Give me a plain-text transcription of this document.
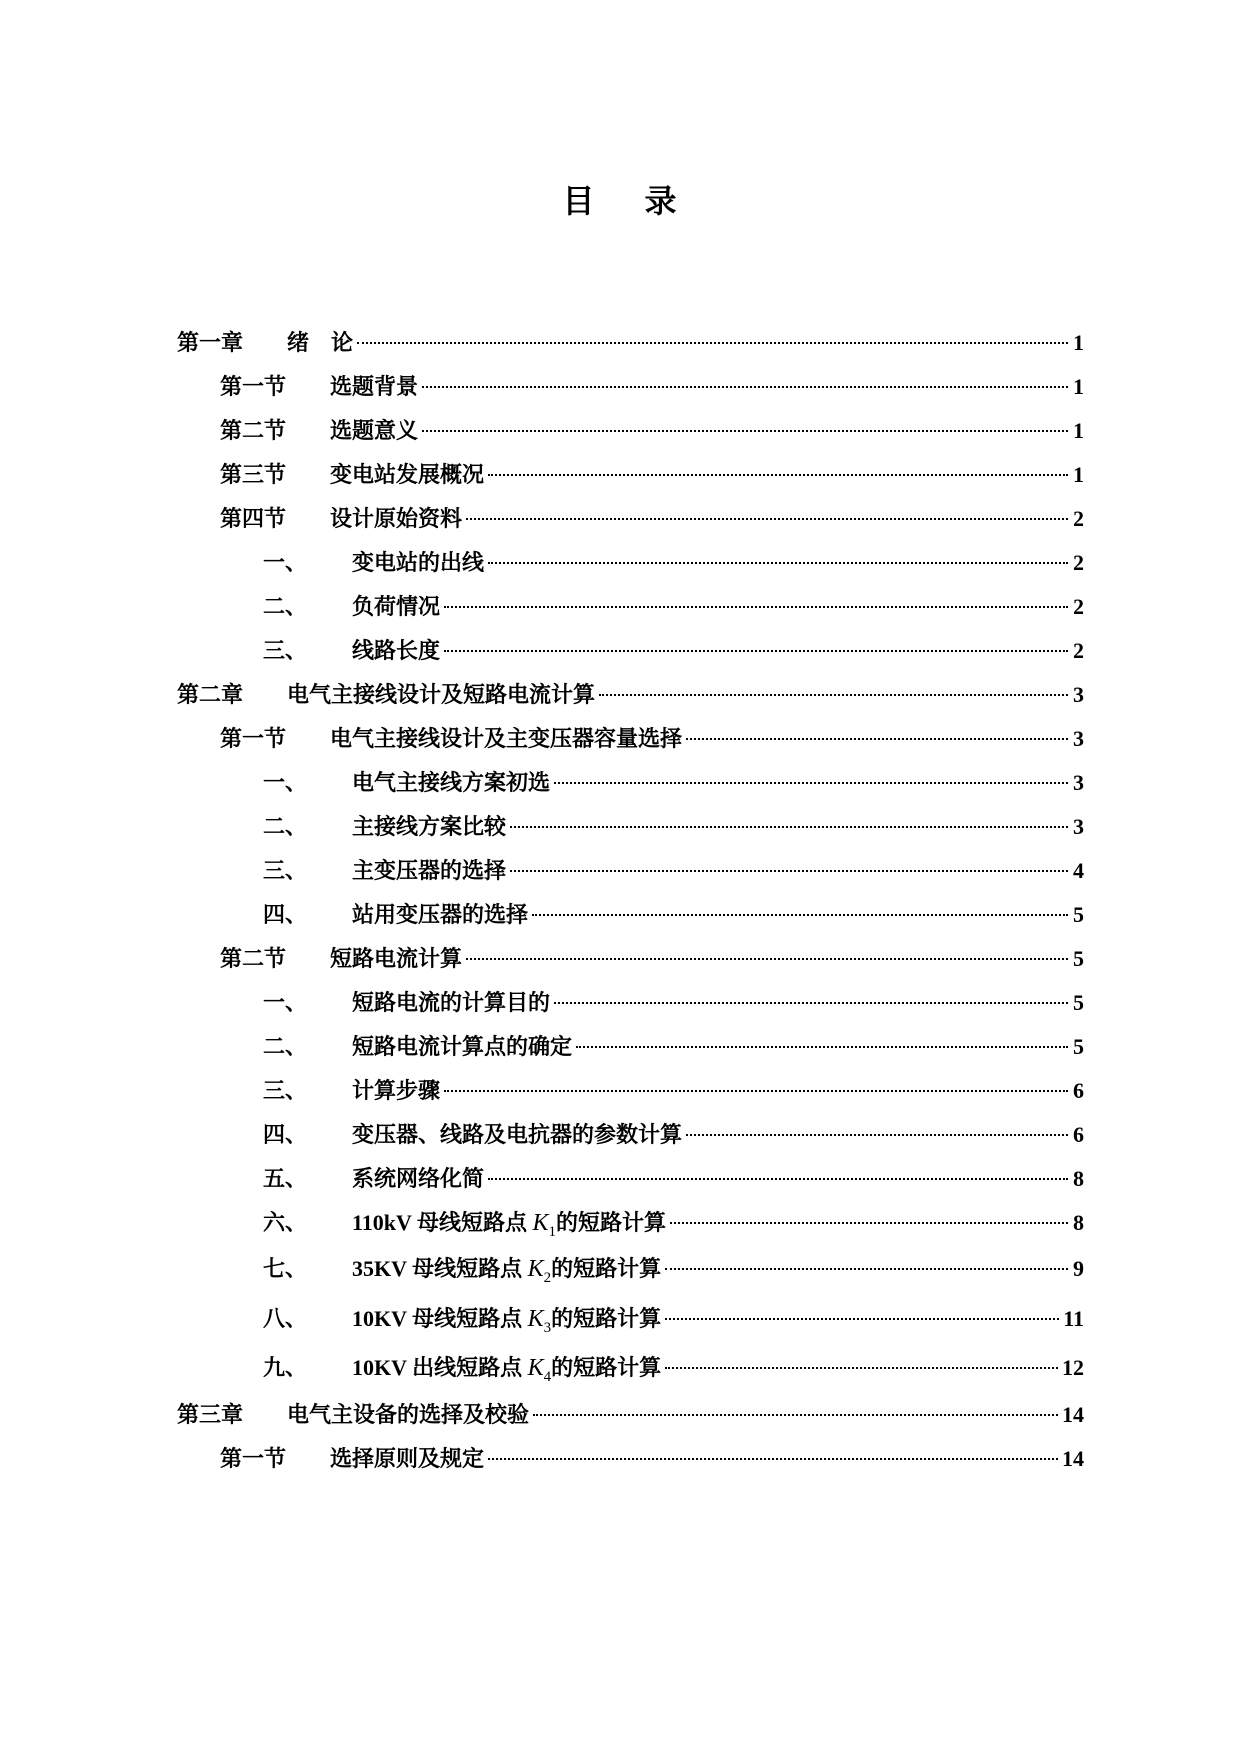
目 录
第一章	绪　论	1
第一节	选题背景	1
第二节	选题意义	1
第三节	变电站发展概况	1
第四节	设计原始资料	2
一、	变电站的出线	2
二、	负荷情况	2
三、	线路长度	2
第二章	电气主接线设计及短路电流计算	3
第一节	电气主接线设计及主变压器容量选择	3
一、	电气主接线方案初选	3
二、	主接线方案比较	3
三、	主变压器的选择	4
四、	站用变压器的选择	5
第二节	短路电流计算	5
一、	短路电流的计算目的	5
二、	短路电流计算点的确定	5
三、	计算步骤	6
四、	变压器、线路及电抗器的参数计算	6
五、	系统网络化简	8
六、	110kV 母线短路点 $K_1$的短路计算	8
七、	35KV 母线短路点 $K_2$的短路计算	9
八、	10KV 母线短路点 $K_3$的短路计算	11
九、	10KV 出线短路点 $K_4$的短路计算	12
第三章	电气主设备的选择及校验	14
第一节	选择原则及规定	14
